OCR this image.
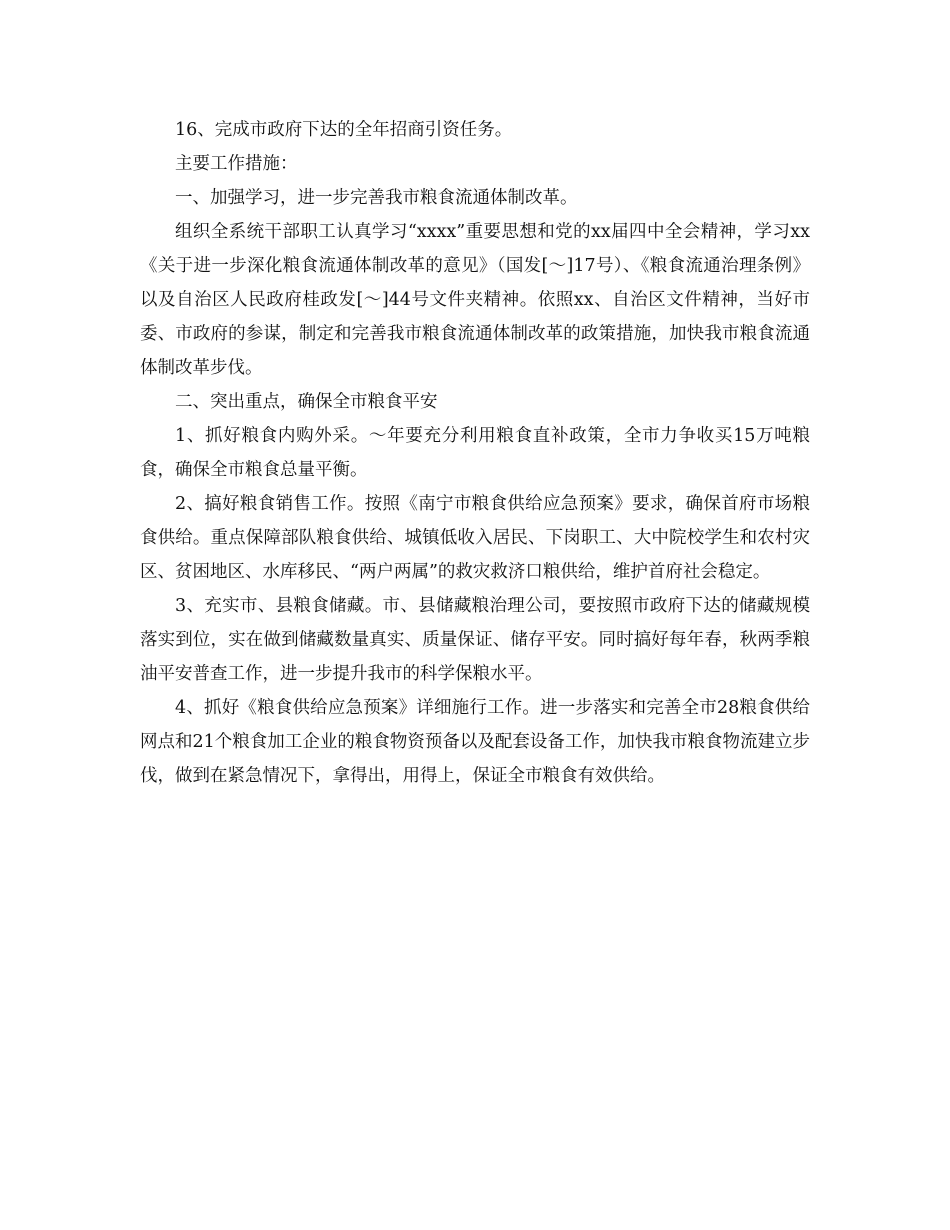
16、完成市政府下达的全年招商引资任务。

主要工作措施：

一、加强学习，进一步完善我市粮食流通体制改革。

组织全系统干部职工认真学习“xxxx”重要思想和党的xx届四中全会精神，学习xx《关于进一步深化粮食流通体制改革的意见》（国发[～]17号）、《粮食流通治理条例》以及自治区人民政府桂政发[～]44号文件夹精神。依照xx、自治区文件精神，当好市委、市政府的参谋，制定和完善我市粮食流通体制改革的政策措施，加快我市粮食流通体制改革步伐。

二、突出重点，确保全市粮食平安

1、抓好粮食内购外采。～年要充分利用粮食直补政策，全市力争收买15万吨粮食，确保全市粮食总量平衡。

2、搞好粮食销售工作。按照《南宁市粮食供给应急预案》要求，确保首府市场粮食供给。重点保障部队粮食供给、城镇低收入居民、下岗职工、大中院校学生和农村灾区、贫困地区、水库移民、“两户两属”的救灾救济口粮供给，维护首府社会稳定。

3、充实市、县粮食储藏。市、县储藏粮治理公司，要按照市政府下达的储藏规模落实到位，实在做到储藏数量真实、质量保证、储存平安。同时搞好每年春，秋两季粮油平安普查工作，进一步提升我市的科学保粮水平。

4、抓好《粮食供给应急预案》详细施行工作。进一步落实和完善全市28粮食供给网点和21个粮食加工企业的粮食物资预备以及配套设备工作，加快我市粮食物流建立步伐，做到在紧急情况下，拿得出，用得上，保证全市粮食有效供给。
